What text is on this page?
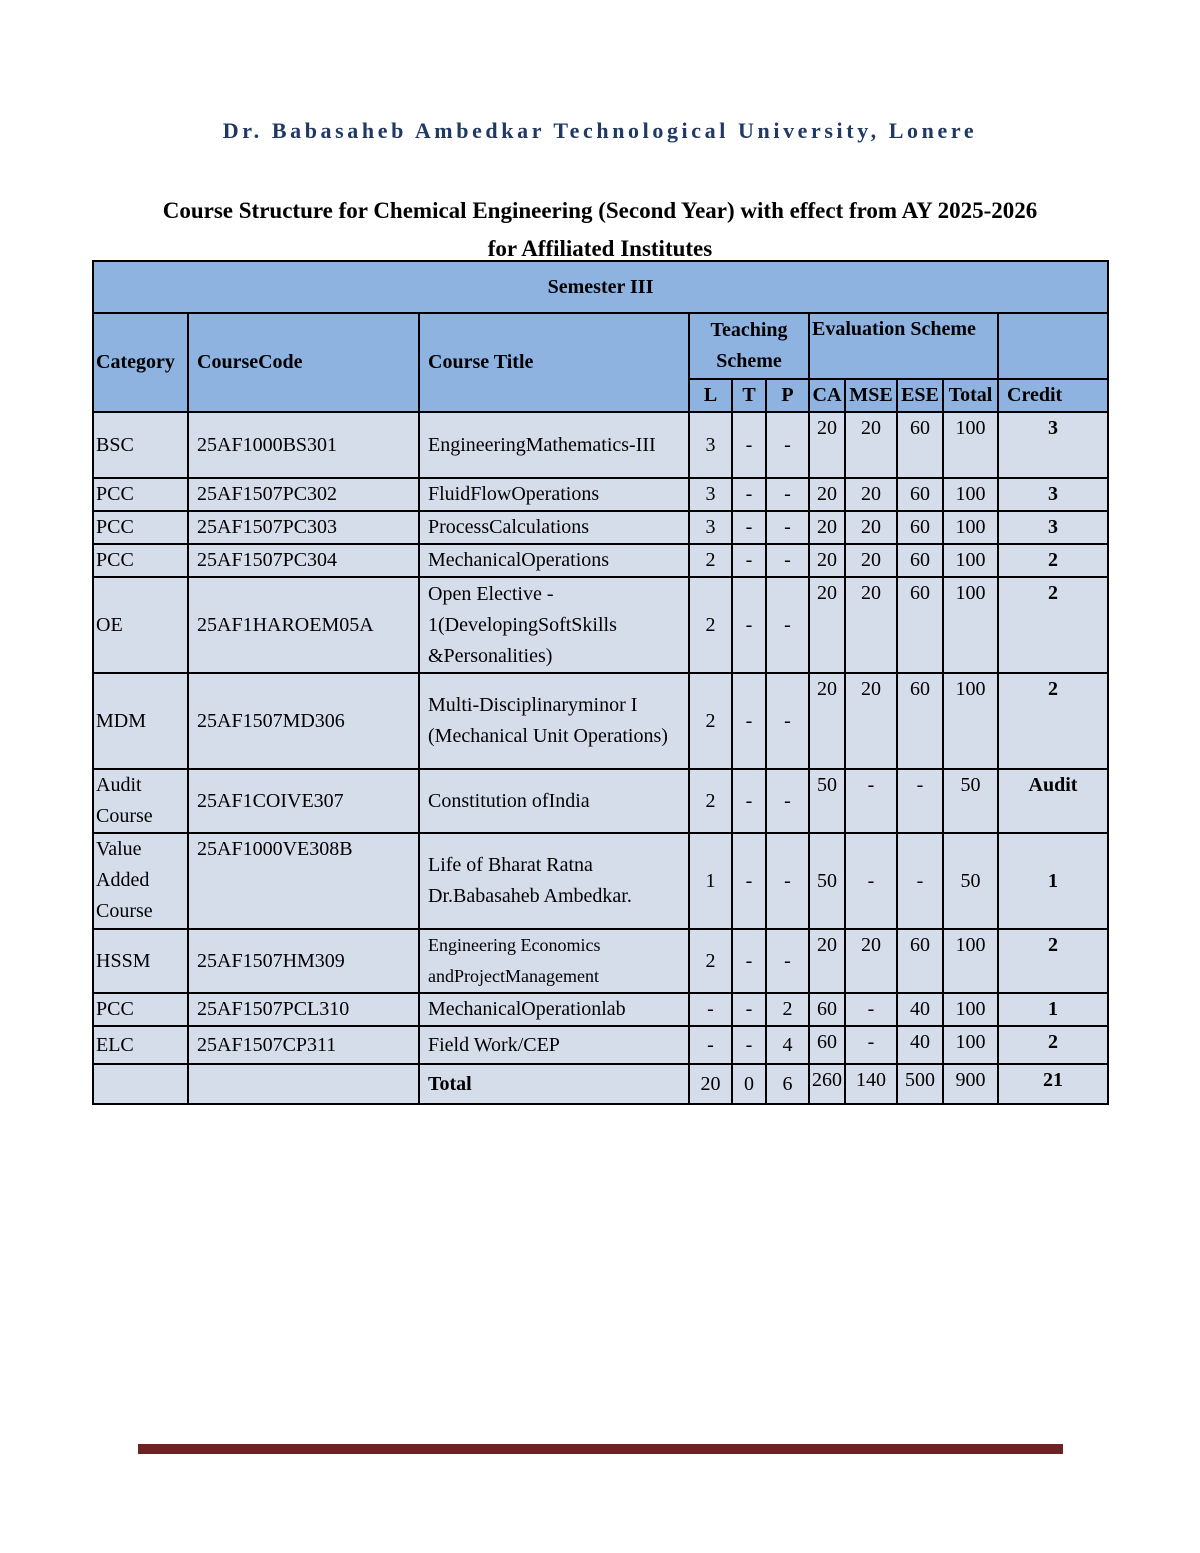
Dr. Babasaheb Ambedkar Technological University, Lonere
Course Structure for Chemical Engineering (Second Year) with effect from AY 2025-2026
for Affiliated Institutes
Semester III										
Category	CourseCode	Course Title	Teaching Scheme			Evaluation Scheme				
			L	T	P	CA	MSE	ESE	Total	Credit
BSC	25AF1000BS301	EngineeringMathematics-III	3	-	-	20	20	60	100	3
PCC	25AF1507PC302	FluidFlowOperations	3	-	-	20	20	60	100	3
PCC	25AF1507PC303	ProcessCalculations	3	-	-	20	20	60	100	3
PCC	25AF1507PC304	MechanicalOperations	2	-	-	20	20	60	100	2
OE	25AF1HAROEM05A	Open Elective - 1(DevelopingSoftSkills &Personalities)	2	-	-	20	20	60	100	2
MDM	25AF1507MD306	Multi-Disciplinaryminor I (Mechanical Unit Operations)	2	-	-	20	20	60	100	2
Audit Course	25AF1COIVE307	Constitution ofIndia	2	-	-	50	-	-	50	Audit
Value Added Course	25AF1000VE308B	Life of Bharat Ratna Dr.Babasaheb Ambedkar.	1	-	-	50	-	-	50	1
HSSM	25AF1507HM309	Engineering Economics andProjectManagement	2	-	-	20	20	60	100	2
PCC	25AF1507PCL310	MechanicalOperationlab	-	-	2	60	-	40	100	1
ELC	25AF1507CP311	Field Work/CEP	-	-	4	60	-	40	100	2
		Total	20	0	6	260	140	500	900	21
